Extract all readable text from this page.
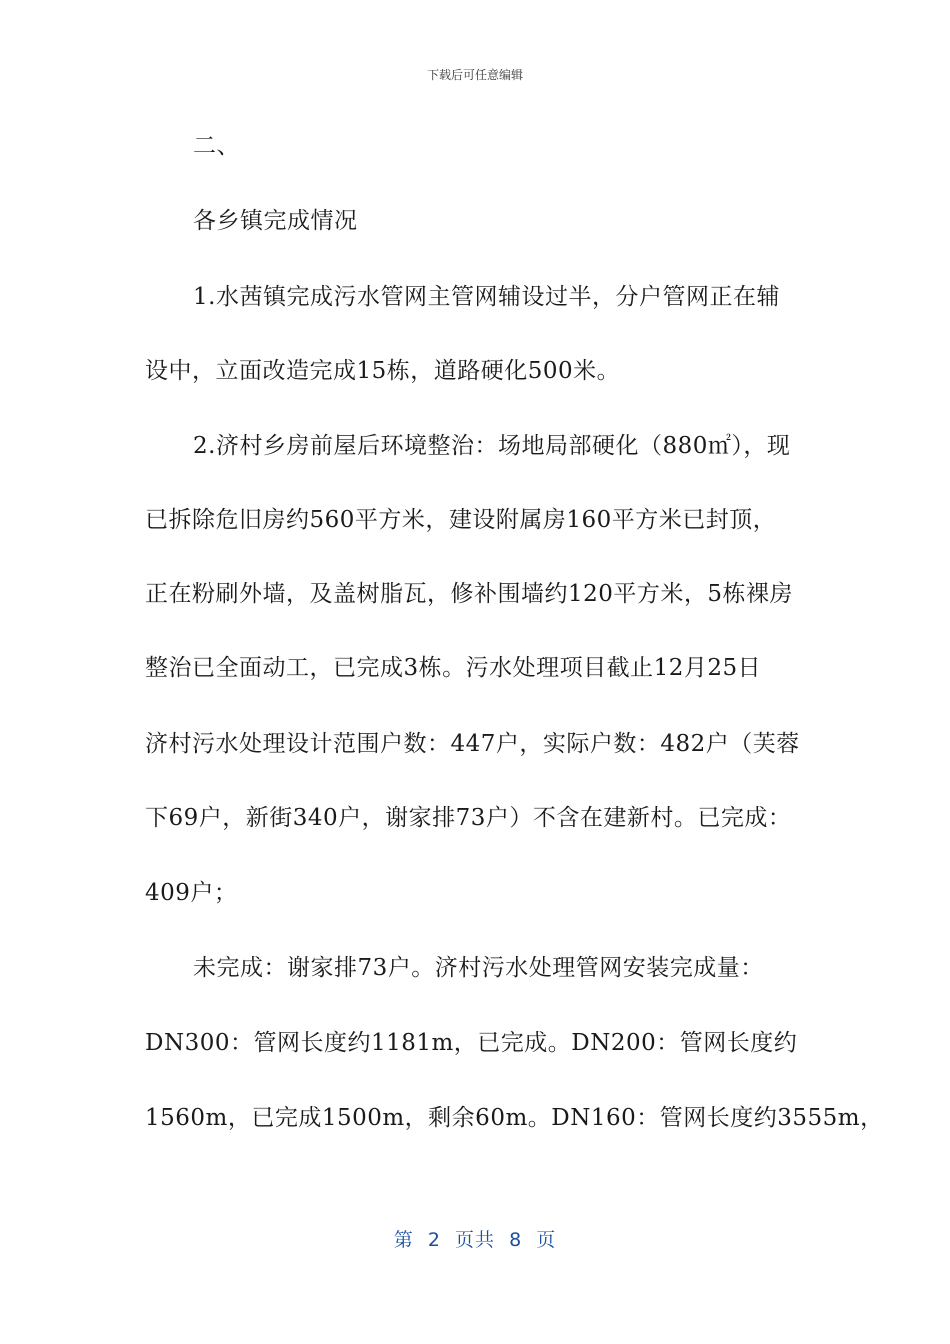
下载后可任意编辑
二、
各乡镇完成情况
1.水茜镇完成污水管网主管网辅设过半，分户管网正在辅
设中，立面改造完成15栋，道路硬化500米。
2.济村乡房前屋后环境整治：场地局部硬化（880㎡），现
已拆除危旧房约560平方米，建设附属房160平方米已封顶，
正在粉刷外墙，及盖树脂瓦，修补围墙约120平方米，5栋裸房
整治已全面动工，已完成3栋。污水处理项目截止12月25日
济村污水处理设计范围户数：447户，实际户数：482户（芙蓉
下69户，新街340户，谢家排73户）不含在建新村。已完成：
409户；
未完成：谢家排73户。济村污水处理管网安装完成量：
DN300：管网长度约1181m，已完成。DN200：管网长度约
1560m，已完成1500m，剩余60m。DN160：管网长度约3555m，
第  2  页共  8  页
